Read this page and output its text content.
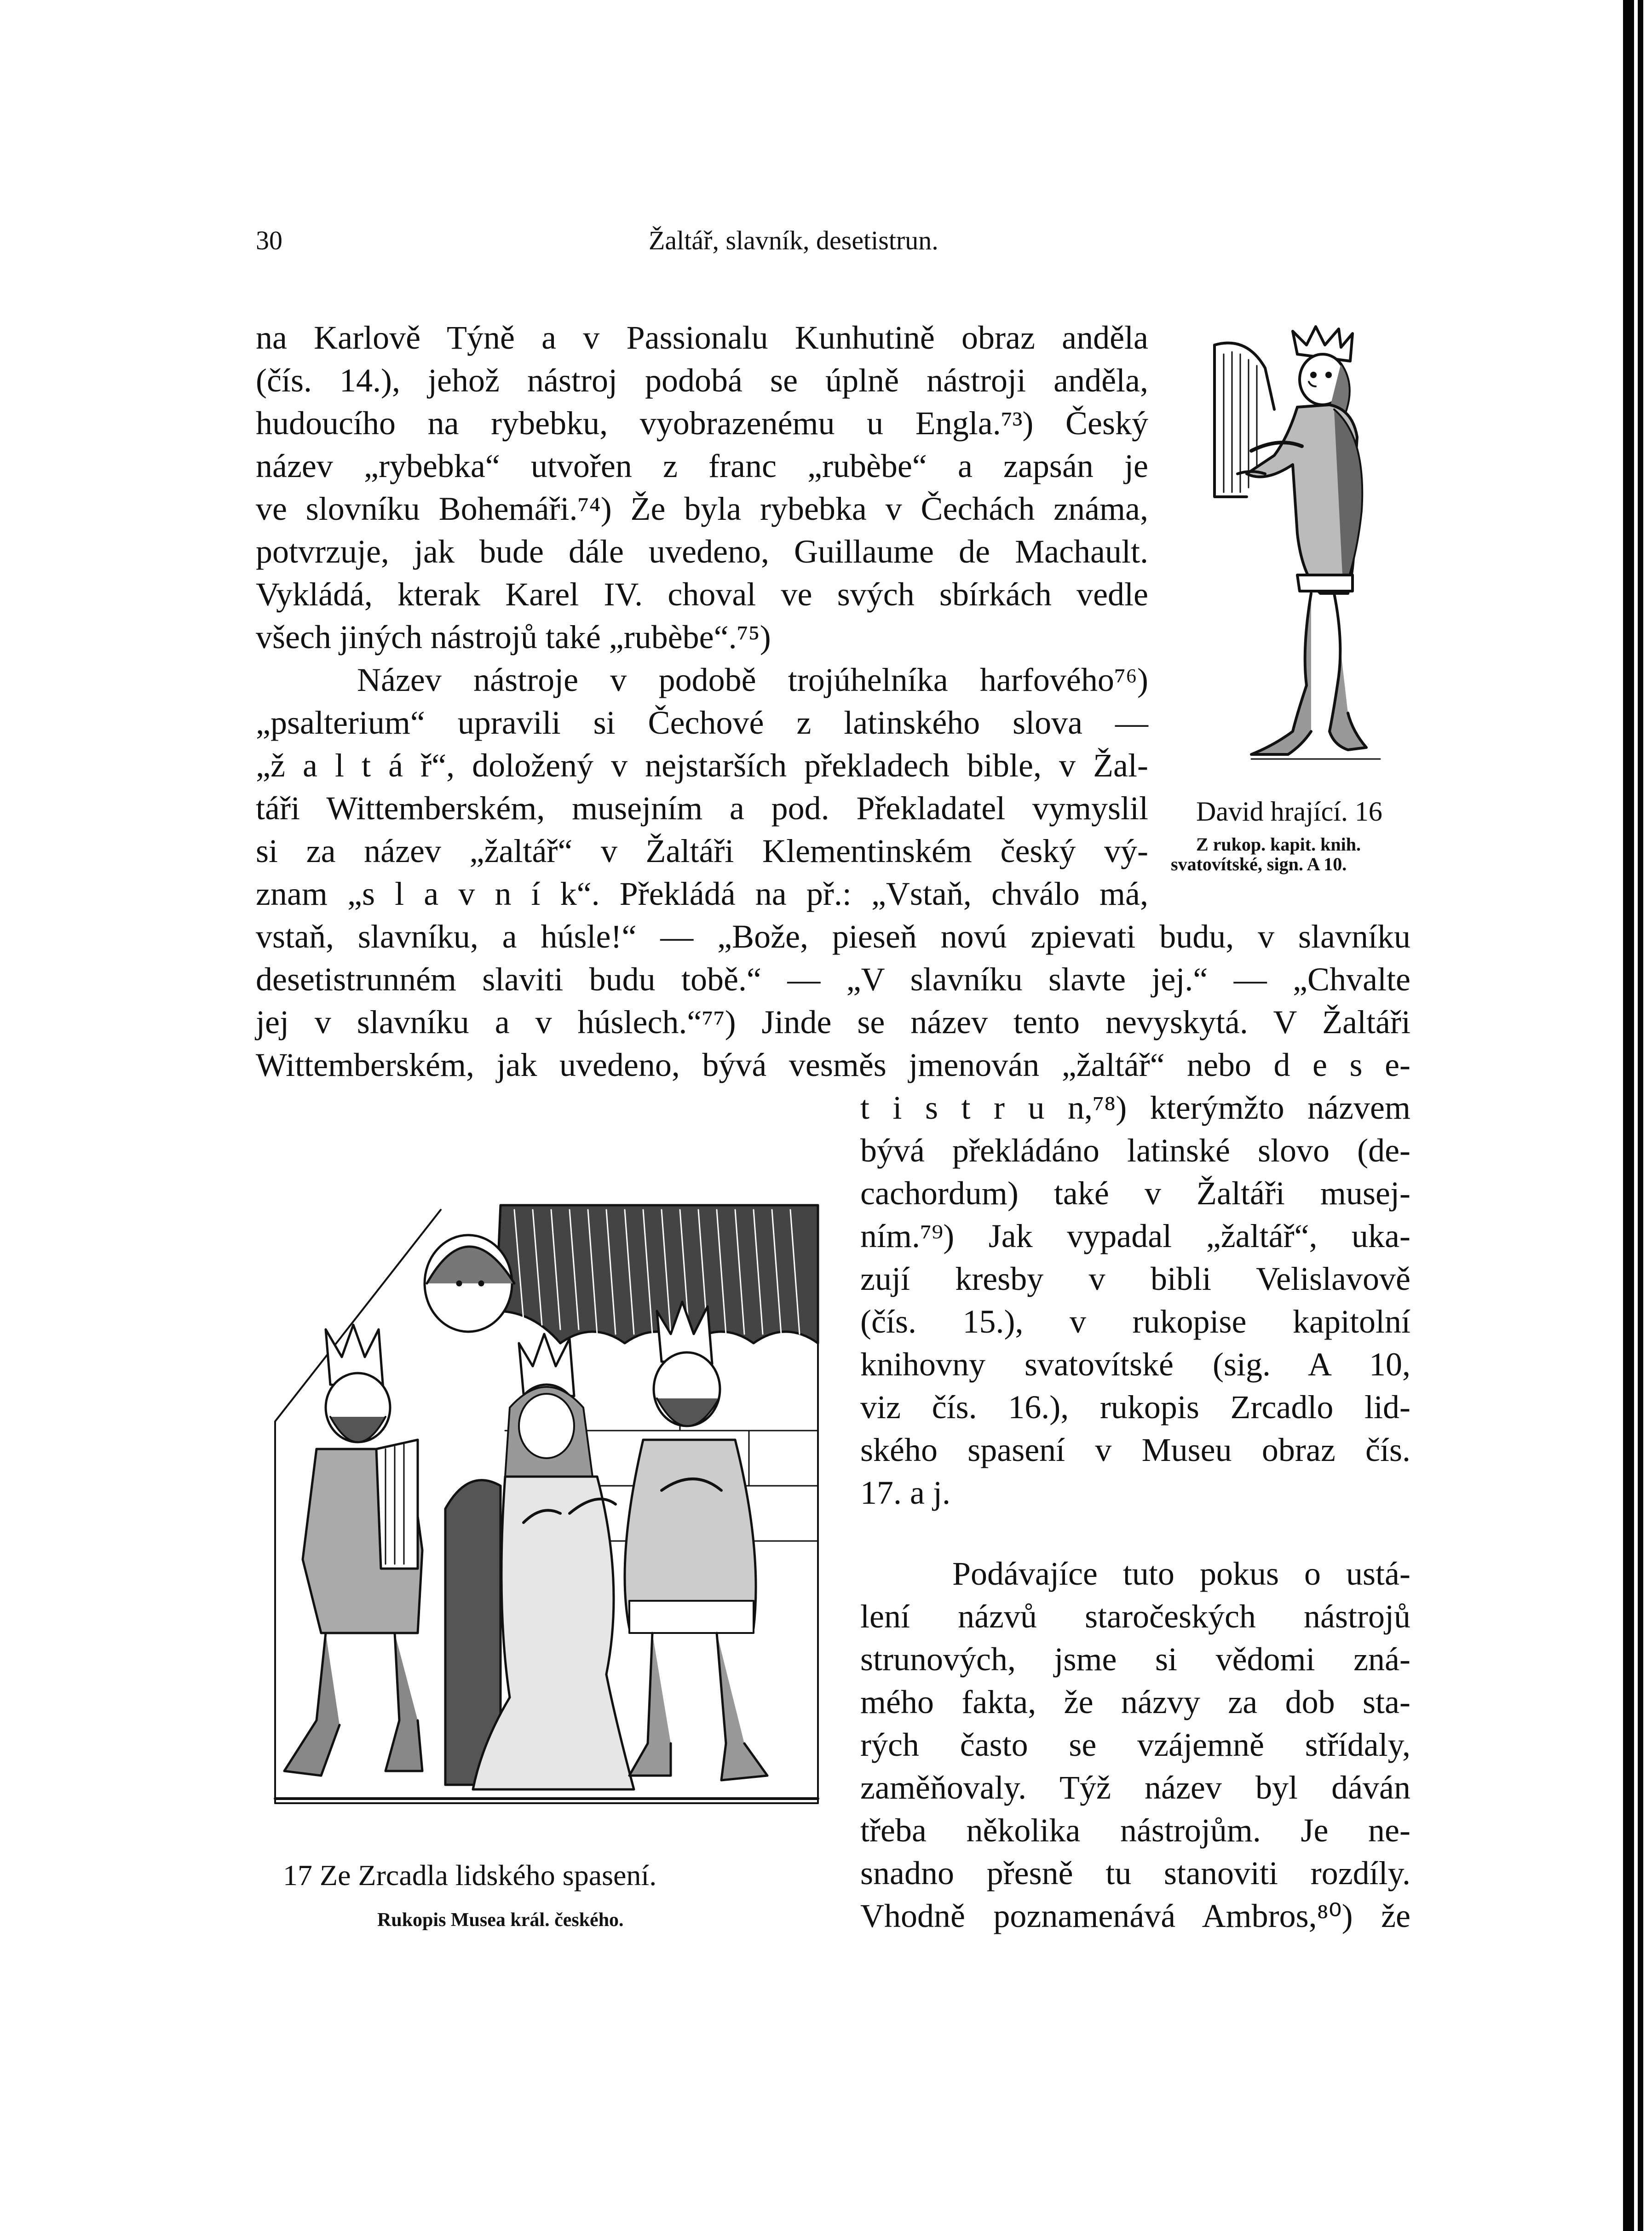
30	Žaltář, slavník, desetistrun.
na Karlově Týně a v Passionalu Kunhutině obraz anděla
(čís. 14.), jehož nástroj podobá se úplně nástroji anděla,
hudoucího na rybebku, vyobrazenému u Engla.⁷³) Český
název „rybebka“ utvořen z franc „rubèbe“ a zapsán je
ve slovníku Bohemáři.⁷⁴) Že byla rybebka v Čechách známa,
potvrzuje, jak bude dále uvedeno, Guillaume de Machault.
Vykládá, kterak Karel IV. choval ve svých sbírkách vedle
všech jiných nástrojů také „rubèbe“.⁷⁵)
Název nástroje v podobě trojúhelníka harfového⁷⁶)
„psalterium“ upravili si Čechové z latinského slova —
„ž a l t á ř“, doložený v nejstarších překladech bible, v Žal-
táři Wittemberském, musejním a pod. Překladatel vymyslil
si za název „žaltář“ v Žaltáři Klementinském český vý-
znam „s l a v n í k“. Překládá na př.: „Vstaň, chválo má,
vstaň, slavníku, a húsle!“ — „Bože, pieseň novú zpievati budu, v slavníku
desetistrunném slaviti budu tobě.“ — „V slavníku slavte jej.“ — „Chvalte
jej v slavníku a v húslech.“⁷⁷) Jinde se název tento nevyskytá. V Žaltáři
Wittemberském, jak uvedeno, bývá vesměs jmenován „žaltář“ nebo d e s e-
t i s t r u n,⁷⁸) kterýmžto názvem
bývá překládáno latinské slovo (de-
cachordum) také v Žaltáři musej-
ním.⁷⁹) Jak vypadal „žaltář“, uka-
zují kresby v bibli Velislavově
(čís. 15.), v rukopise kapitolní
knihovny svatovítské (sig. A 10,
viz čís. 16.), rukopis Zrcadlo lid-
ského spasení v Museu obraz čís.
17. a j.
Podávajíce tuto pokus o ustá-
lení názvů staročeských nástrojů
strunových, jsme si vědomi zná-
mého fakta, že názvy za dob sta-
rých často se vzájemně střídaly,
zaměňovaly. Týž název byl dáván
třeba několika nástrojům. Je ne-
snadno přesně tu stanoviti rozdíly.
Vhodně poznamenává Ambros,⁸⁰) že
David hrající. 16
Z rukop. kapit. knih.
svatovítské, sign. A 10.
17 Ze Zrcadla lidského spasení.
Rukopis Musea král. českého.
